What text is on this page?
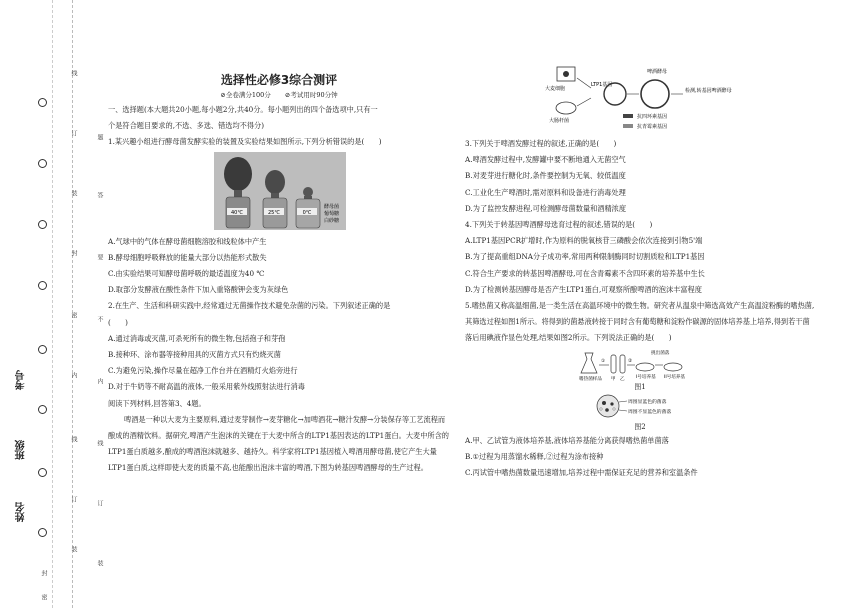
线
订
装
封
密
内
线
订
装
封
密
题
答
要
不
内
线
订
装
考号
班级
姓名
选择性必修3综合测评
⊘全卷满分100分 ⊘考试用时90分钟

一、选择题(本大题共20小题,每小题2分,共40分。每小题列出的四个备选项中,只有一

个是符合题目要求的,不选、多选、错选均不得分)

1.某兴趣小组进行酵母菌发酵实验的装置及实验结果如图所示,下列分析错误的是(　　)

40℃	25℃	0℃
酵母菌
葡萄糖
白砂糖

A.气球中的气体在酵母菌细胞溶胶和线粒体中产生

B.酵母细胞呼吸释放的能量大部分以热能形式散失

C.由实验结果可知酵母菌呼吸的最适温度为40 ℃

D.取部分发酵液在酸性条件下加入重铬酸钾会变为灰绿色

2.在生产、生活和科研实践中,经常通过无菌操作技术避免杂菌的污染。下列叙述正确的是

(　　)

A.通过消毒或灭菌,可杀死所有的微生物,包括孢子和芽孢

B.接种环、涂布器等接种用具的灭菌方式只有灼烧灭菌

C.为避免污染,操作尽量在超净工作台并在酒精灯火焰旁进行

D.对于牛奶等不耐高温的液体,一般采用紫外线照射法进行消毒

阅读下列材料,回答第3、4题。

啤酒是一种以大麦为主要原料,通过麦芽制作→麦芽糖化→加啤酒花→糖汁发酵→分装保存等工艺流程而酿成的酒精饮料。据研究,啤酒产生泡沫的关键在于大麦中所含的LTP1基因表达的LTP1蛋白。大麦中所含的LTP1蛋白质越多,酿成的啤酒泡沫就越多、越持久。科学家将LTP1基因植入啤酒用酵母菌,使它产生大量LTP1蛋白质,这样即使大麦的质量不高,也能酿出泡沫丰富的啤酒,下图为转基因啤酒酵母的生产过程。

大麦细胞
大肠杆菌
LTP1基因
啤酒酵母
检测,转基因啤酒酵母
抗四环素基因
抗青霉素基因

3.下列关于啤酒发酵过程的叙述,正确的是(　　)

A.啤酒发酵过程中,发酵罐中要不断地通入无菌空气

B.对麦芽进行糖化时,条件要控制为无氧、较低温度

C.工业化生产啤酒时,需对原料和设备进行消毒处理

D.为了监控发酵进程,可检测酵母菌数量和酒精浓度

4.下列关于转基因啤酒酵母选育过程的叙述,错误的是(　　)

A.LTP1基因PCR扩增时,作为原料的脱氧核苷三磷酸会依次连接到引物5'端

B.为了提高重组DNA分子成功率,常用两种限制酶同时切割质粒和LTP1基因

C.符合生产要求的转基因啤酒酵母,可在含青霉素不含四环素的培养基中生长

D.为了检测转基因酵母是否产生LTP1蛋白,可观察所酿啤酒的泡沫丰富程度

5.嗜热菌又称高温细菌,是一类生活在高温环境中的微生物。研究者从温泉中筛选高效产生高温淀粉酶的嗜热菌,其筛选过程如图1所示。将得到的菌悬液转接于同时含有葡萄糖和淀粉作碳源的固体培养基上培养,得到若干菌落后用碘液作显色处理,结果如图2所示。下列说法正确的是(　　)

嗜热菌样品
①
甲 乙
②
I号培养基
挑出菌落
II号培养基
图1
周围显蓝色的菌落
周围不显蓝色的菌落
图2

A.甲、乙试管为液体培养基,液体培养基能分离获得嗜热菌单菌落

B.①过程为用蒸馏水稀释,②过程为涂布接种

C.丙试管中嗜热菌数量迅速增加,培养过程中需保证充足的营养和室温条件
